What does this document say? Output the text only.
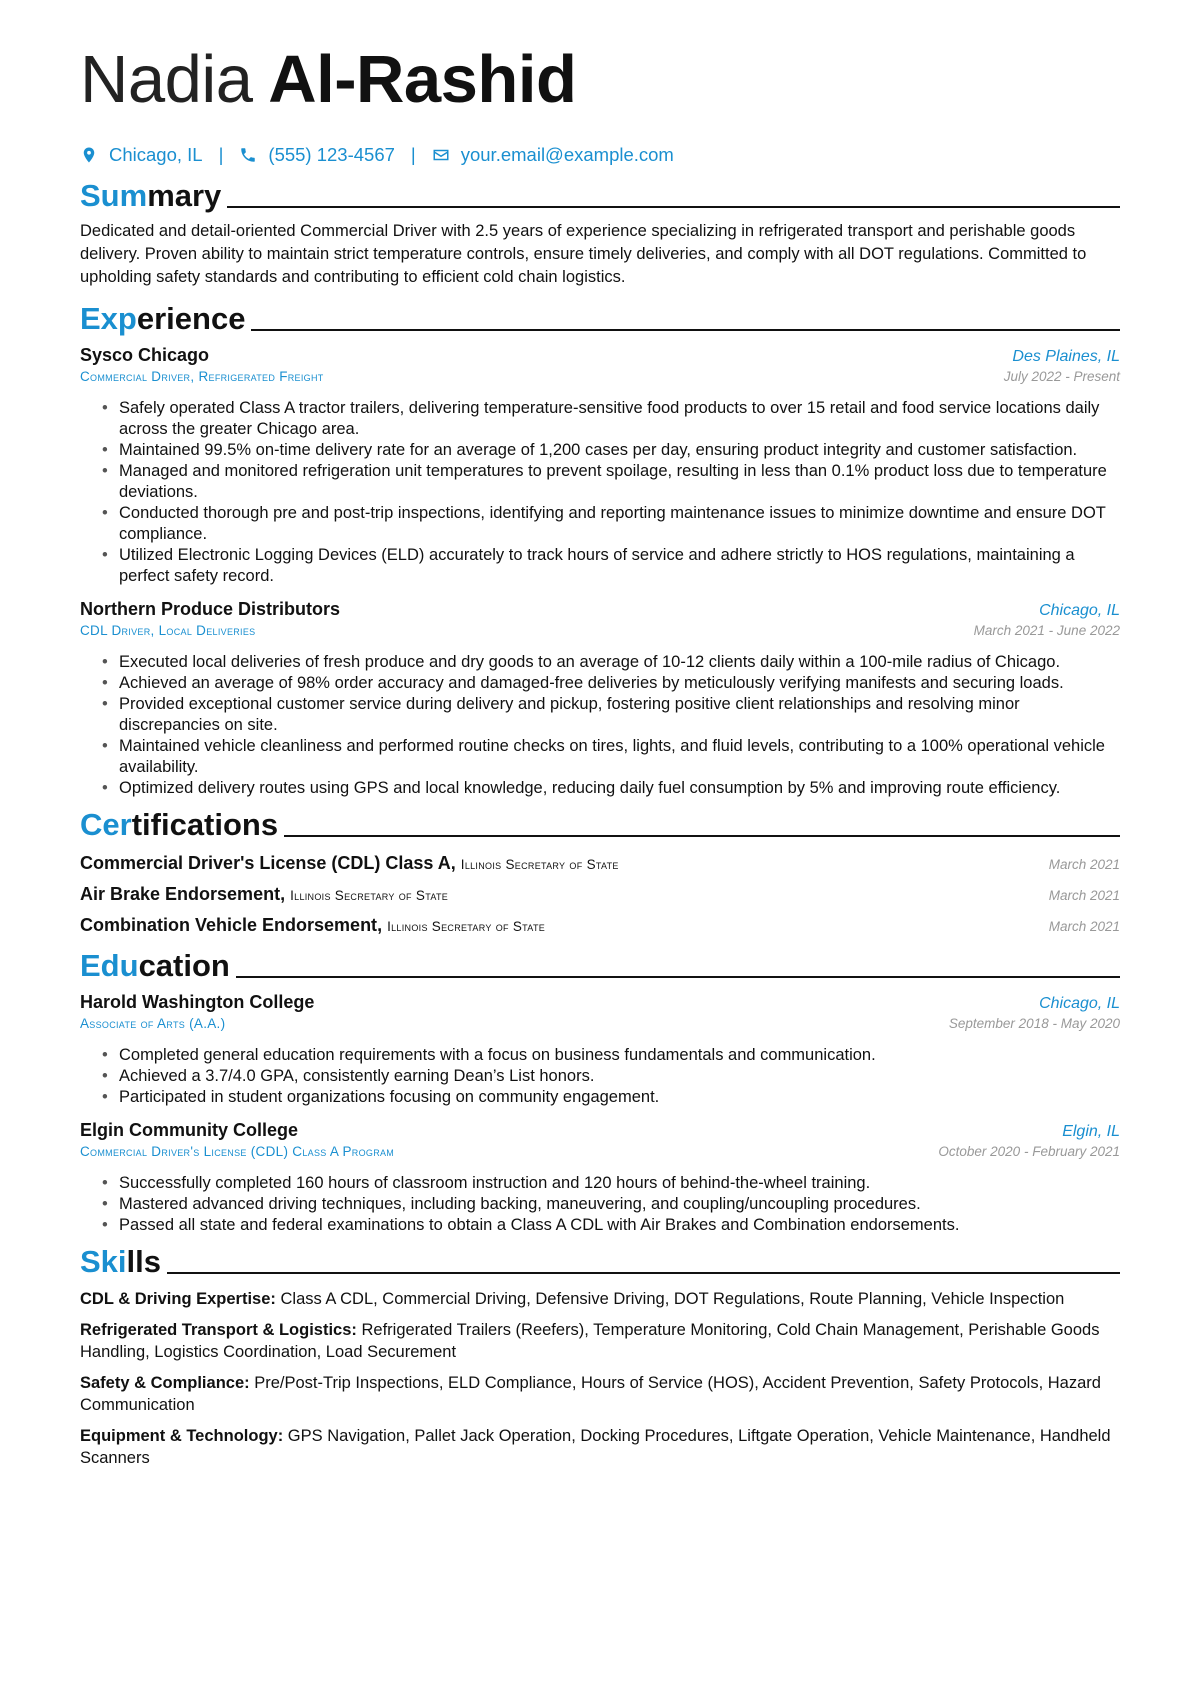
Nadia Al-Rashid
Chicago, IL | (555) 123-4567 | your.email@example.com
Summary

Dedicated and detail-oriented Commercial Driver with 2.5 years of experience specializing in refrigerated transport and perishable goods delivery. Proven ability to maintain strict temperature controls, ensure timely deliveries, and comply with all DOT regulations. Committed to upholding safety standards and contributing to efficient cold chain logistics.

Experience
Sysco Chicago	Des Plaines, IL
Commercial Driver, Refrigerated Freight	July 2022 - Present
• Safely operated Class A tractor trailers, delivering temperature-sensitive food products to over 15 retail and food service locations daily across the greater Chicago area.
• Maintained 99.5% on-time delivery rate for an average of 1,200 cases per day, ensuring product integrity and customer satisfaction.
• Managed and monitored refrigeration unit temperatures to prevent spoilage, resulting in less than 0.1% product loss due to temperature deviations.
• Conducted thorough pre and post-trip inspections, identifying and reporting maintenance issues to minimize downtime and ensure DOT compliance.
• Utilized Electronic Logging Devices (ELD) accurately to track hours of service and adhere strictly to HOS regulations, maintaining a perfect safety record.
Northern Produce Distributors	Chicago, IL
CDL Driver, Local Deliveries	March 2021 - June 2022
• Executed local deliveries of fresh produce and dry goods to an average of 10-12 clients daily within a 100-mile radius of Chicago.
• Achieved an average of 98% order accuracy and damaged-free deliveries by meticulously verifying manifests and securing loads.
• Provided exceptional customer service during delivery and pickup, fostering positive client relationships and resolving minor discrepancies on site.
• Maintained vehicle cleanliness and performed routine checks on tires, lights, and fluid levels, contributing to a 100% operational vehicle availability.
• Optimized delivery routes using GPS and local knowledge, reducing daily fuel consumption by 5% and improving route efficiency.
Certifications
Commercial Driver's License (CDL) Class A, Illinois Secretary of State	March 2021
Air Brake Endorsement, Illinois Secretary of State	March 2021
Combination Vehicle Endorsement, Illinois Secretary of State	March 2021
Education
Harold Washington College	Chicago, IL
Associate of Arts (A.A.)	September 2018 - May 2020
• Completed general education requirements with a focus on business fundamentals and communication.
• Achieved a 3.7/4.0 GPA, consistently earning Dean’s List honors.
• Participated in student organizations focusing on community engagement.
Elgin Community College	Elgin, IL
Commercial Driver's License (CDL) Class A Program	October 2020 - February 2021
• Successfully completed 160 hours of classroom instruction and 120 hours of behind-the-wheel training.
• Mastered advanced driving techniques, including backing, maneuvering, and coupling/uncoupling procedures.
• Passed all state and federal examinations to obtain a Class A CDL with Air Brakes and Combination endorsements.
Skills
CDL & Driving Expertise: Class A CDL, Commercial Driving, Defensive Driving, DOT Regulations, Route Planning, Vehicle Inspection
Refrigerated Transport & Logistics: Refrigerated Trailers (Reefers), Temperature Monitoring, Cold Chain Management, Perishable Goods Handling, Logistics Coordination, Load Securement
Safety & Compliance: Pre/Post-Trip Inspections, ELD Compliance, Hours of Service (HOS), Accident Prevention, Safety Protocols, Hazard Communication
Equipment & Technology: GPS Navigation, Pallet Jack Operation, Docking Procedures, Liftgate Operation, Vehicle Maintenance, Handheld Scanners
